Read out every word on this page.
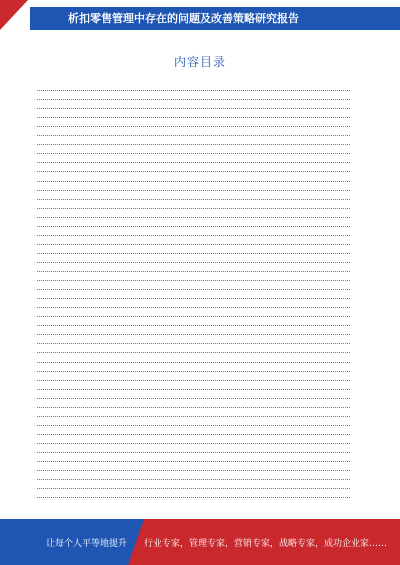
析扣零售管理中存在的问题及改善策略研究报告
内容目录
让每个人平等地提升 行业专家，管理专家，营销专家，战略专家，成功企业家……
